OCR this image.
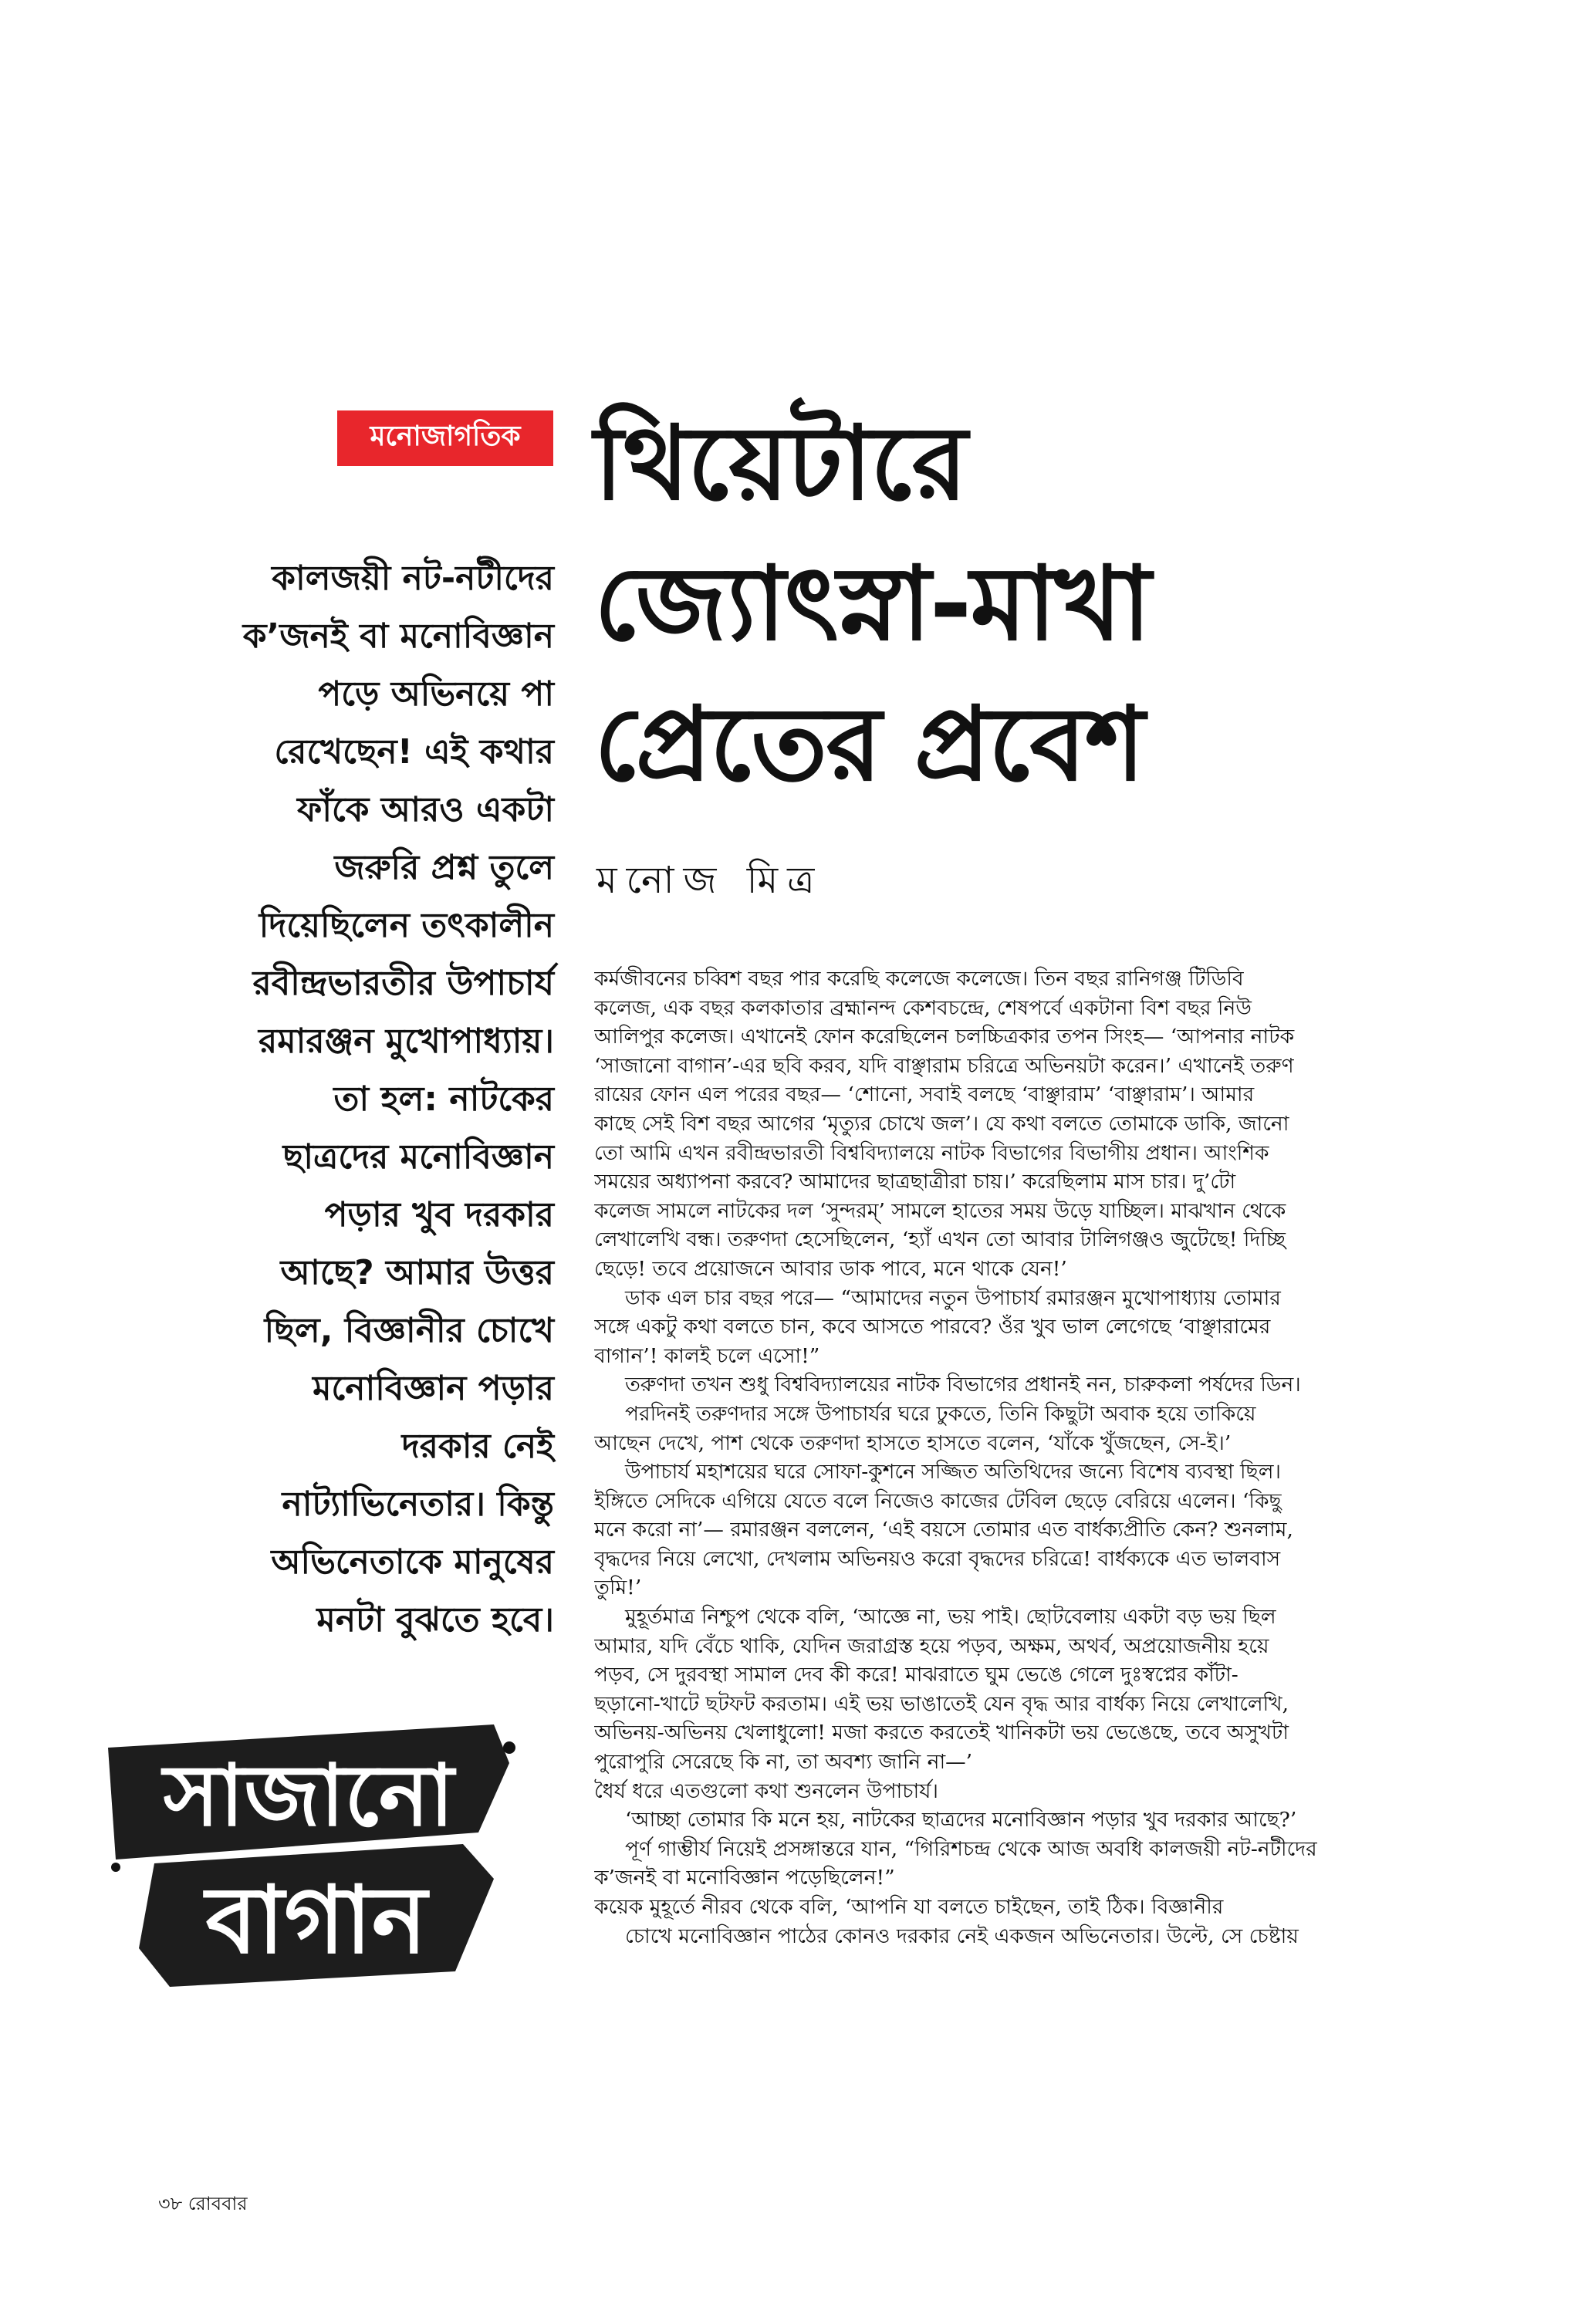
মনোজাগতিক থিয়েটারে
জ্যোৎস্না-মাখা
প্রেতের প্রবেশ
মনোজ মিত্র
কালজয়ী নট-নটীদের
ক’জনই বা মনোবিজ্ঞান
পড়ে অভিনয়ে পা
রেখেছেন! এই কথার
ফাঁকে আরও একটা
জরুরি প্রশ্ন তুলে
দিয়েছিলেন তৎকালীন
রবীন্দ্রভারতীর উপাচার্য
রমারঞ্জন মুখোপাধ্যায়।
তা হল: নাটকের
ছাত্রদের মনোবিজ্ঞান
পড়ার খুব দরকার
আছে? আমার উত্তর
ছিল, বিজ্ঞানীর চোখে
মনোবিজ্ঞান পড়ার
দরকার নেই
নাট্যাভিনেতার। কিন্তু
অভিনেতাকে মানুষের
মনটা বুঝতে হবে।
কর্মজীবনের চব্বিশ বছর পার করেছি কলেজে কলেজে। তিন বছর রানিগঞ্জ টিডিবি
কলেজ, এক বছর কলকাতার ব্রহ্মানন্দ কেশবচন্দ্রে, শেষপর্বে একটানা বিশ বছর নিউ
আলিপুর কলেজ। এখানেই ফোন করেছিলেন চলচ্চিত্রকার তপন সিংহ— ‘আপনার নাটক
‘সাজানো বাগান’-এর ছবি করব, যদি বাঞ্ছারাম চরিত্রে অভিনয়টা করেন।’ এখানেই তরুণ
রায়ের ফোন এল পরের বছর— ‘শোনো, সবাই বলছে ‘বাঞ্ছারাম’ ‘বাঞ্ছারাম’। আমার
কাছে সেই বিশ বছর আগের ‘মৃত্যুর চোখে জল’। যে কথা বলতে তোমাকে ডাকি, জানো
তো আমি এখন রবীন্দ্রভারতী বিশ্ববিদ্যালয়ে নাটক বিভাগের বিভাগীয় প্রধান। আংশিক
সময়ের অধ্যাপনা করবে? আমাদের ছাত্রছাত্রীরা চায়।’ করেছিলাম মাস চার। দু’টো
কলেজ সামলে নাটকের দল ‘সুন্দরম্’ সামলে হাতের সময় উড়ে যাচ্ছিল। মাঝখান থেকে
লেখালেখি বন্ধ। তরুণদা হেসেছিলেন, ‘হ্যাঁ এখন তো আবার টালিগঞ্জও জুটেছে! দিচ্ছি
ছেড়ে! তবে প্রয়োজনে আবার ডাক পাবে, মনে থাকে যেন!’
ডাক এল চার বছর পরে— “আমাদের নতুন উপাচার্য রমারঞ্জন মুখোপাধ্যায় তোমার
সঙ্গে একটু কথা বলতে চান, কবে আসতে পারবে? ওঁর খুব ভাল লেগেছে ‘বাঞ্ছারামের
বাগান’! কালই চলে এসো!”
তরুণদা তখন শুধু বিশ্ববিদ্যালয়ের নাটক বিভাগের প্রধানই নন, চারুকলা পর্ষদের ডিন।
পরদিনই তরুণদার সঙ্গে উপাচার্যর ঘরে ঢুকতে, তিনি কিছুটা অবাক হয়ে তাকিয়ে
আছেন দেখে, পাশ থেকে তরুণদা হাসতে হাসতে বলেন, ‘যাঁকে খুঁজছেন, সে-ই।’
উপাচার্য মহাশয়ের ঘরে সোফা-কুশনে সজ্জিত অতিথিদের জন্যে বিশেষ ব্যবস্থা ছিল।
ইঙ্গিতে সেদিকে এগিয়ে যেতে বলে নিজেও কাজের টেবিল ছেড়ে বেরিয়ে এলেন। ‘কিছু
মনে করো না’— রমারঞ্জন বললেন, ‘এই বয়সে তোমার এত বার্ধক্যপ্রীতি কেন? শুনলাম,
বৃদ্ধদের নিয়ে লেখো, দেখলাম অভিনয়ও করো বৃদ্ধদের চরিত্রে! বার্ধক্যকে এত ভালবাস
তুমি!’
মুহূর্তমাত্র নিশ্চুপ থেকে বলি, ‘আজ্ঞে না, ভয় পাই। ছোটবেলায় একটা বড় ভয় ছিল
আমার, যদি বেঁচে থাকি, যেদিন জরাগ্রস্ত হয়ে পড়ব, অক্ষম, অথর্ব, অপ্রয়োজনীয় হয়ে
পড়ব, সে দুরবস্থা সামাল দেব কী করে! মাঝরাতে ঘুম ভেঙে গেলে দুঃস্বপ্নের কাঁটা-
ছড়ানো-খাটে ছটফট করতাম। এই ভয় ভাঙাতেই যেন বৃদ্ধ আর বার্ধক্য নিয়ে লেখালেখি,
অভিনয়-অভিনয় খেলাধুলো! মজা করতে করতেই খানিকটা ভয় ভেঙেছে, তবে অসুখটা
পুরোপুরি সেরেছে কি না, তা অবশ্য জানি না—’
ধৈর্য ধরে এতগুলো কথা শুনলেন উপাচার্য।
‘আচ্ছা তোমার কি মনে হয়, নাটকের ছাত্রদের মনোবিজ্ঞান পড়ার খুব দরকার আছে?’
পূর্ণ গাম্ভীর্য নিয়েই প্রসঙ্গান্তরে যান, “গিরিশচন্দ্র থেকে আজ অবধি কালজয়ী নট-নটীদের
ক’জনই বা মনোবিজ্ঞান পড়েছিলেন!”
কয়েক মুহূর্তে নীরব থেকে বলি, ‘আপনি যা বলতে চাইছেন, তাই ঠিক। বিজ্ঞানীর
চোখে মনোবিজ্ঞান পাঠের কোনও দরকার নেই একজন অভিনেতার। উল্টে, সে চেষ্টায়
সাজানো
বাগান
৩৮ রোববার
